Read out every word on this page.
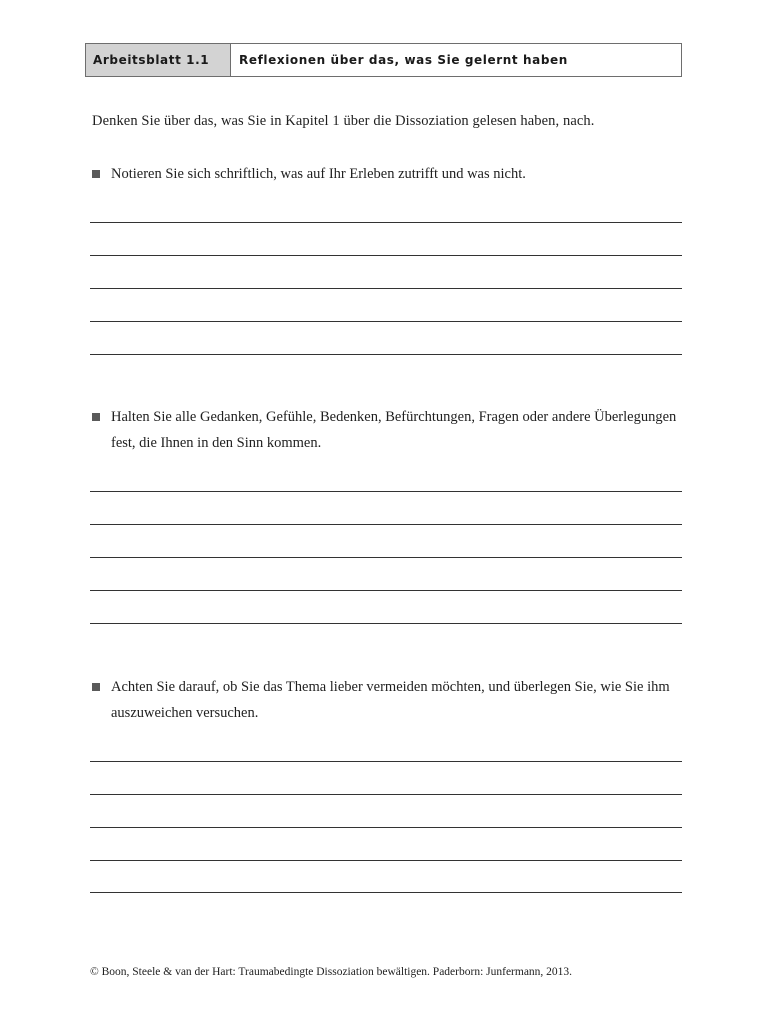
Arbeitsblatt 1.1	Reflexionen über das, was Sie gelernt haben
Denken Sie über das, was Sie in Kapitel 1 über die Dissoziation gelesen haben, nach.
Notieren Sie sich schriftlich, was auf Ihr Erleben zutrifft und was nicht.
Halten Sie alle Gedanken, Gefühle, Bedenken, Befürchtungen, Fragen oder andere Überlegungen fest, die Ihnen in den Sinn kommen.
Achten Sie darauf, ob Sie das Thema lieber vermeiden möchten, und überlegen Sie, wie Sie ihm auszuweichen versuchen.
© Boon, Steele & van der Hart: Traumabedingte Dissoziation bewältigen. Paderborn: Junfermann, 2013.
